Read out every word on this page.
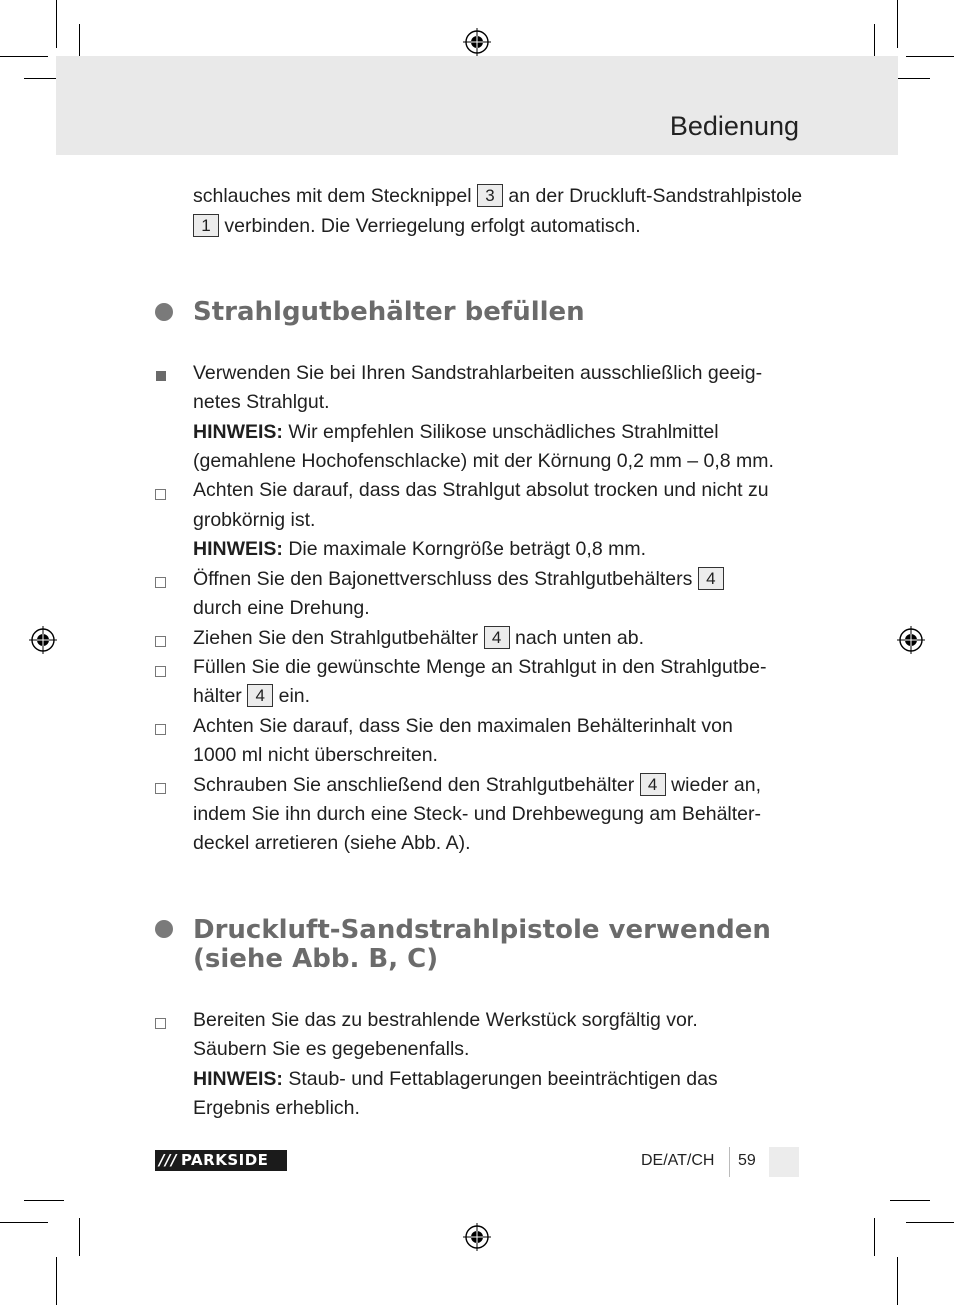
Bedienung
schlauches mit dem Stecknippel 3 an der Druckluft-Sandstrahlpistole
1 verbinden. Die Verriegelung erfolgt automatisch.
Strahlgutbehälter befüllen
Verwenden Sie bei Ihren Sandstrahlarbeiten ausschließlich geeig-
netes Strahlgut.
HINWEIS: Wir empfehlen Silikose unschädliches Strahlmittel
(gemahlene Hochofenschlacke) mit der Körnung 0,2 mm – 0,8 mm.
Achten Sie darauf, dass das Strahlgut absolut trocken und nicht zu
grobkörnig ist.
HINWEIS: Die maximale Korngröße beträgt 0,8 mm.
Öffnen Sie den Bajonettverschluss des Strahlgutbehälters 4
durch eine Drehung.
Ziehen Sie den Strahlgutbehälter 4 nach unten ab.
Füllen Sie die gewünschte Menge an Strahlgut in den Strahlgutbe-
hälter 4 ein.
Achten Sie darauf, dass Sie den maximalen Behälterinhalt von
1000 ml nicht überschreiten.
Schrauben Sie anschließend den Strahlgutbehälter 4 wieder an,
indem Sie ihn durch eine Steck- und Drehbewegung am Behälter-
deckel arretieren (siehe Abb. A).
Druckluft-Sandstrahlpistole verwenden
(siehe Abb. B, C)
Bereiten Sie das zu bestrahlende Werkstück sorgfältig vor.
Säubern Sie es gegebenenfalls.
HINWEIS: Staub- und Fettablagerungen beeinträchtigen das
Ergebnis erheblich.
/// PARKSIDE	DE/AT/CH 59
